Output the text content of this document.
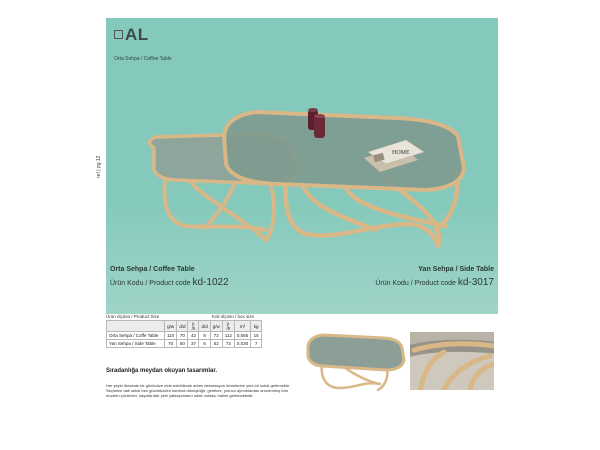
HOME
AL
Orta Sehpa / Coffee Table
ref | pg 12
Orta Sehpa / Coffee Table
Ürün Kodu / Product code kd-1022
Yan Sehpa / Side Table
Ürün Kodu / Product code kd-3017
Ürün ölçüsü / Product Size	Koli ölçüsü / box size
	g/w	d/d	y. /h	d/d	g/w	y. /h	m³	kg
Orta Sehpa / Coffe Table	110	70	42	8	72	112	0,065	15
Yan Sehpa / Side Table	70	50	37	6	52	73	0,030	7
Sıradanlığa meydan okuyan tasarımlar.
Her şeyin ötesinde bir gücünüze elde edebilecek adres dekorasyon ömrelerine yeni bir soluk getirmekte. Seçimize dair seksi tüm gücünüzden konfora dönüştüğü, gerekez, yorucu ayrıntılardan arındırılmış tüm modern çözümler, hayatla dair yeni yaklaşımların odak noktası haline getirmektedir.
